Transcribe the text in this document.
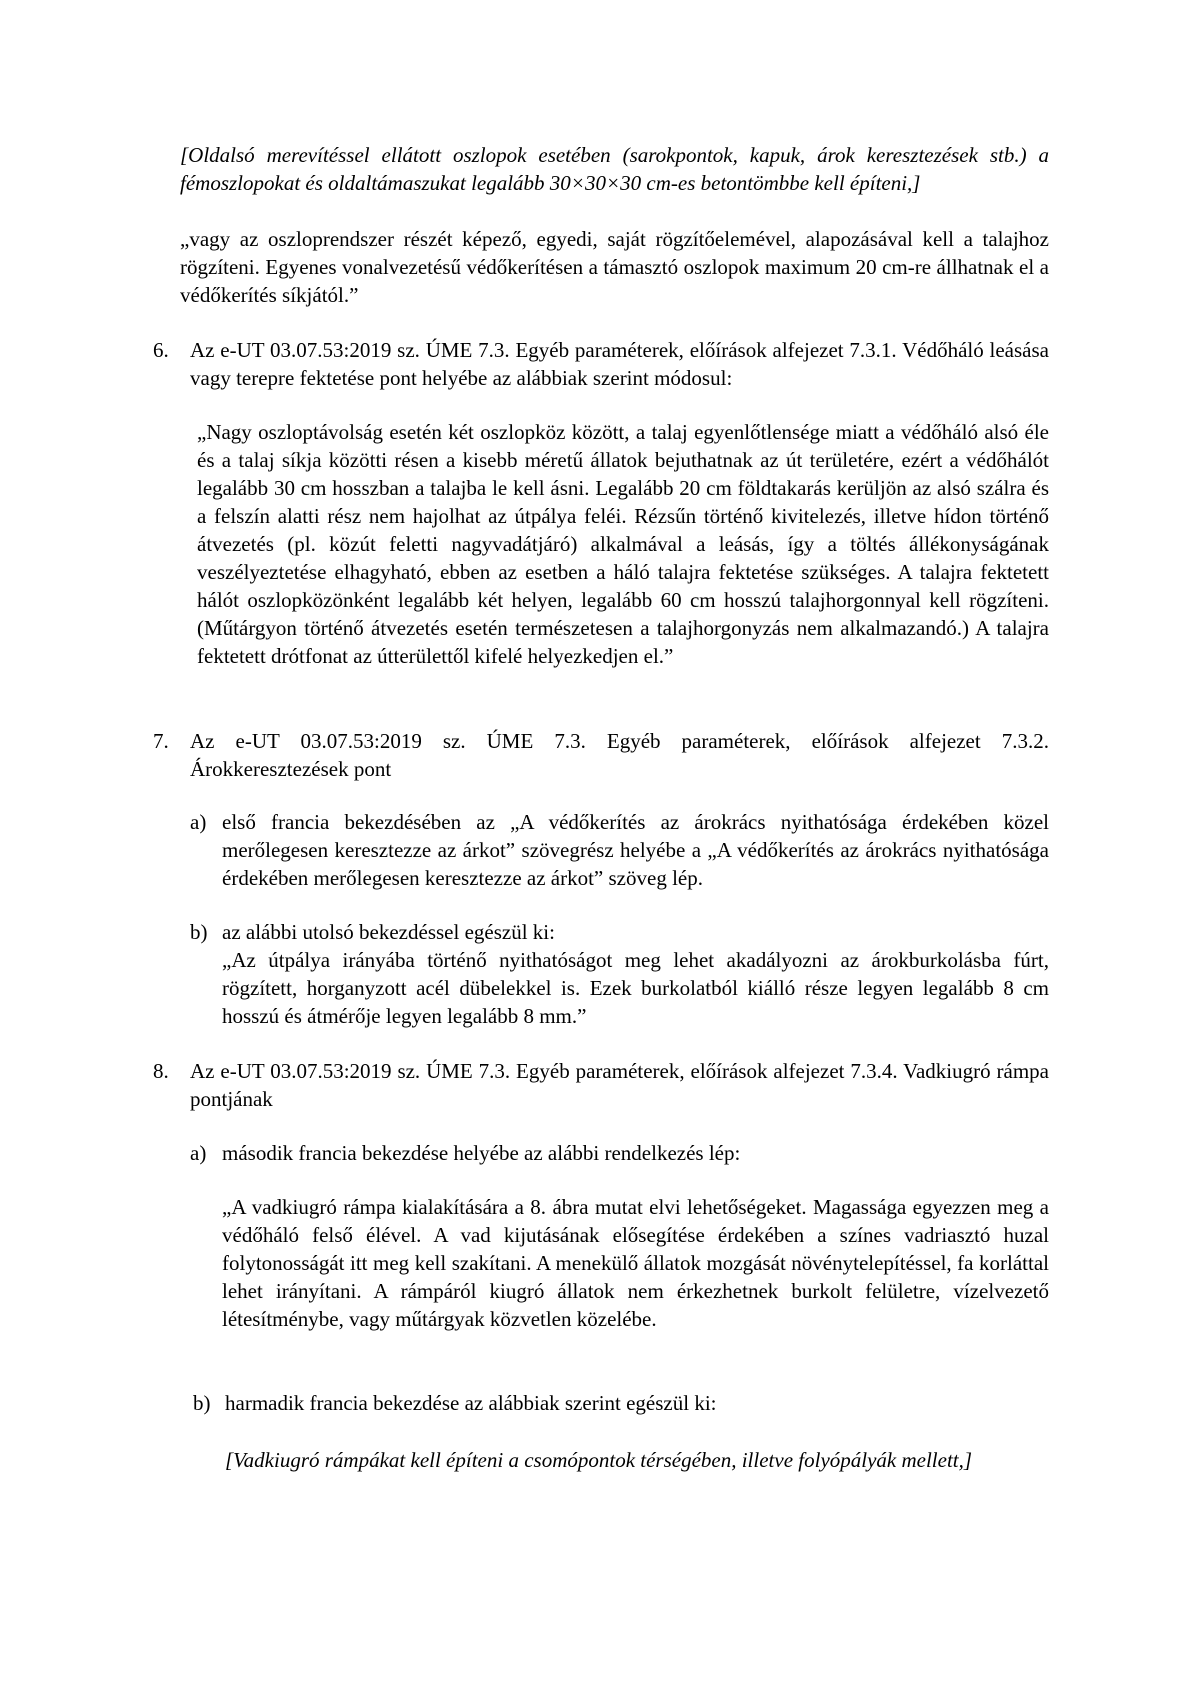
[Oldalsó merevítéssel ellátott oszlopok esetében (sarokpontok, kapuk, árok keresztezések stb.) a fémoszlopokat és oldaltámaszukat legalább 30×30×30 cm-es betontömbbe kell építeni,]

„vagy az oszloprendszer részét képező, egyedi, saját rögzítőelemével, alapozásával kell a talajhoz rögzíteni. Egyenes vonalvezetésű védőkerítésen a támasztó oszlopok maximum 20 cm-re állhatnak el a védőkerítés síkjától.”

6. Az e-UT 03.07.53:2019 sz. ÚME 7.3. Egyéb paraméterek, előírások alfejezet 7.3.1. Védőháló leásása vagy terepre fektetése pont helyébe az alábbiak szerint módosul:

„Nagy oszloptávolság esetén két oszlopköz között, a talaj egyenlőtlensége miatt a védőháló alsó éle és a talaj síkja közötti résen a kisebb méretű állatok bejuthatnak az út területére, ezért a védőhálót legalább 30 cm hosszban a talajba le kell ásni. Legalább 20 cm földtakarás kerüljön az alsó szálra és a felszín alatti rész nem hajolhat az útpálya feléi. Rézsűn történő kivitelezés, illetve hídon történő átvezetés (pl. közút feletti nagyvadátjáró) alkalmával a leásás, így a töltés állékonyságának veszélyeztetése elhagyható, ebben az esetben a háló talajra fektetése szükséges. A talajra fektetett hálót oszlopközönként legalább két helyen, legalább 60 cm hosszú talajhorgonnyal kell rögzíteni. (Műtárgyon történő átvezetés esetén természetesen a talajhorgonyzás nem alkalmazandó.) A talajra fektetett drótfonat az útterülettől kifelé helyezkedjen el.”

7. Az e-UT 03.07.53:2019 sz. ÚME 7.3. Egyéb paraméterek, előírások alfejezet 7.3.2. Árokkeresztezések pont

a) első francia bekezdésében az „A védőkerítés az árokrács nyithatósága érdekében közel merőlegesen keresztezze az árkot” szövegrész helyébe a „A védőkerítés az árokrács nyithatósága érdekében merőlegesen keresztezze az árkot” szöveg lép.

b) az alábbi utolsó bekezdéssel egészül ki:

„Az útpálya irányába történő nyithatóságot meg lehet akadályozni az árokburkolásba fúrt, rögzített, horganyzott acél dübelekkel is. Ezek burkolatból kiálló része legyen legalább 8 cm hosszú és átmérője legyen legalább 8 mm.”

8. Az e-UT 03.07.53:2019 sz. ÚME 7.3. Egyéb paraméterek, előírások alfejezet 7.3.4. Vadkiugró rámpa pontjának

a) második francia bekezdése helyébe az alábbi rendelkezés lép:

„A vadkiugró rámpa kialakítására a 8. ábra mutat elvi lehetőségeket. Magassága egyezzen meg a védőháló felső élével. A vad kijutásának elősegítése érdekében a színes vadriasztó huzal folytonosságát itt meg kell szakítani. A menekülő állatok mozgását növénytelepítéssel, fa korláttal lehet irányítani. A rámpáról kiugró állatok nem érkezhetnek burkolt felületre, vízelvezető létesítménybe, vagy műtárgyak közvetlen közelébe.

b) harmadik francia bekezdése az alábbiak szerint egészül ki:

[Vadkiugró rámpákat kell építeni a csomópontok térségében, illetve folyópályák mellett,]
